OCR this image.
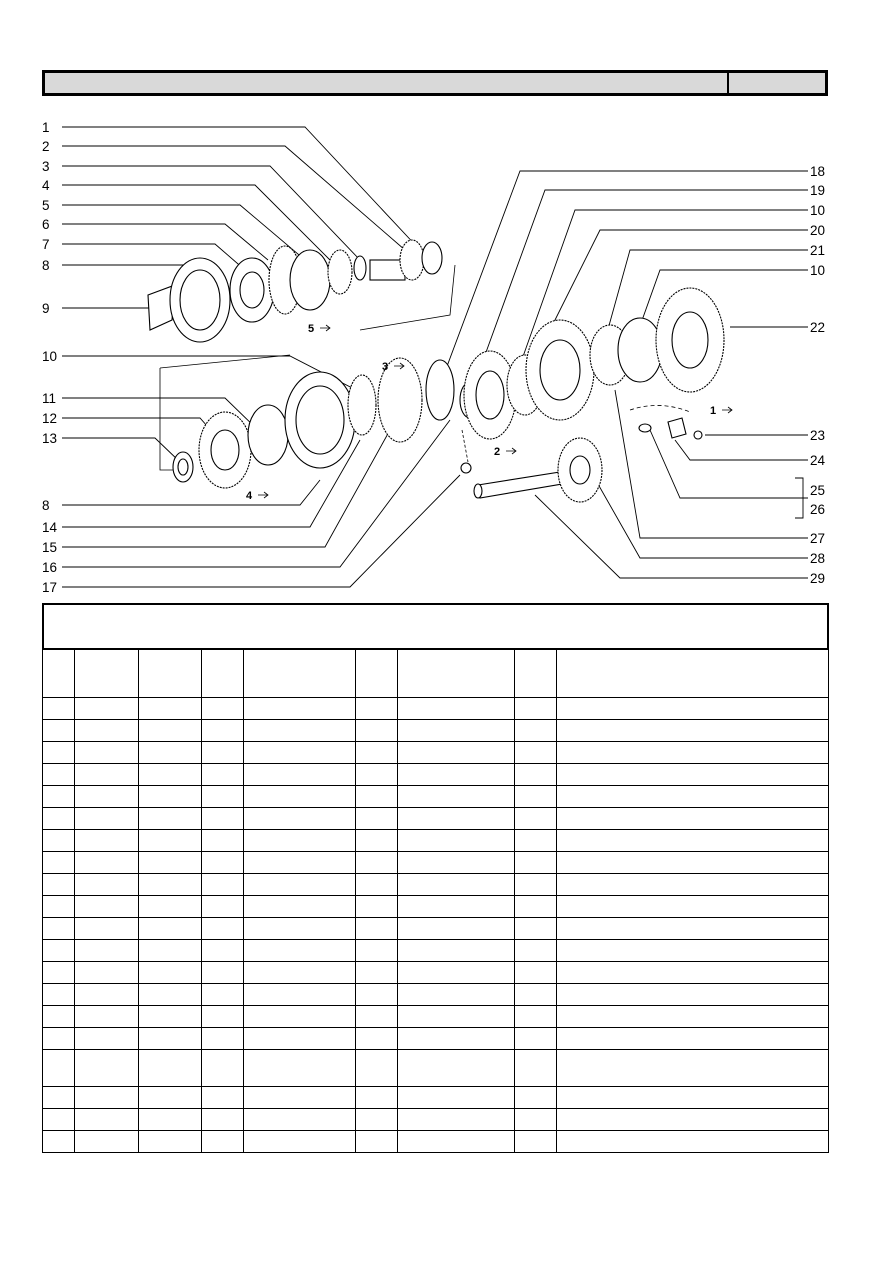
1
2
3
4
5
6
7
8
9
10
11
12
13
8
14
15
16
17
18
19
10
20
21
10
22
23
24
25
26
27
28
29
5
3
2
4
1
